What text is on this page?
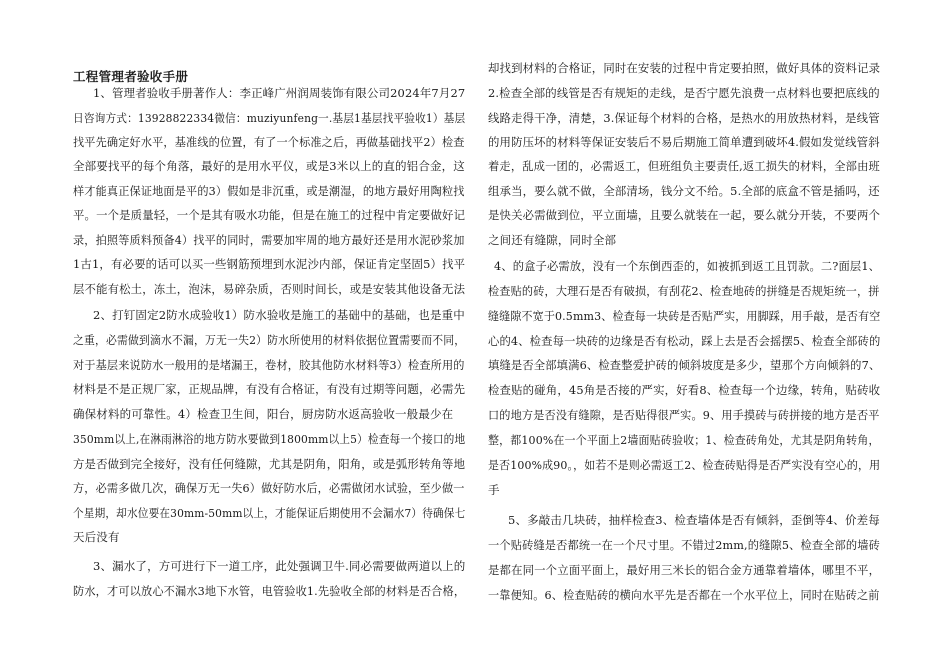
工程管理者验收手册
1、管理者验收手册著作人：李正峰广州润周装饰有限公司2024年7月27
日咨询方式：13928822334微信：muziyunfeng一.基层1基层找平验收1）基层
找平先确定好水平，基准线的位置，有了一个标准之后，再做基础找平2）检查
全部要找平的每个角落，最好的是用水平仪，或是3米以上的直的铝合金，这
样才能真正保证地面是平的3）假如是非沉重，或是潮湿，的地方最好用陶粒找
平。一个是质量轻，一个是其有吸水功能，但是在施工的过程中肯定要做好记
录，拍照等质料预备4）找平的同时，需要加牢周的地方最好还是用水泥砂浆加
1古1，有必要的话可以买一些钢筋预埋到水泥沙内部，保证肯定坚固5）找平
层不能有松土，冻土，泡沫，易碎杂质，否则时间长，或是安装其他设备无法
2、打钉固定2防水成验收1）防水验收是施工的基础中的基础，也是重中
之重，必需做到滴水不漏，万无一失2）防水所使用的材料依据位置需要而不同，
对于基层来说防水一般用的是堵漏王，卷材，胶其他防水材料等3）检查所用的
材料是不是正规厂家，正规品牌，有没有合格证，有没有过期等问题，必需先
确保材料的可靠性。4）检查卫生间，阳台，厨房防水返高验收一般最少在
350mm以上,在淋雨淋浴的地方防水要做到1800mm以上5）检查每一个接口的地
方是否做到完全接好，没有任何缝隙，尤其是阴角，阳角，或是弧形转角等地
方，必需多做几次，确保万无一失6）做好防水后，必需做闭水试验，至少做一
个星期，却水位要在30mm-50mm以上，才能保证后期使用不会漏水7）待确保七
天后没有
3、漏水了，方可进行下一道工序，此处强调卫牛.同必需要做两道以上的
防水，才可以放心不漏水3地下水管，电管验收1.先验收全部的材料是否合格，
却找到材料的合格证，同时在安装的过程中肯定要拍照，做好具体的资料记录
2.检查全部的线管是否有规矩的走线，是否宁愿先浪费一点材料也要把底线的
线路走得干净，清楚，3.保证每个材料的合格，是热水的用放热材料，是线管
的用防压坏的材料等保证安装后不易后期施工简单遭到破坏4.假如发觉线管斜
着走，乱成一团的，必需返工，但班组负主要责任,返工损失的材料，全部由班
组承当，要么就不做，全部清场，钱分文不给。5.全部的底盒不管是插吗，还
是快关必需做到位，平立面墙，且要么就装在一起，要么就分开装，不要两个
之间还有缝隙，同时全部
4、的盒子必需放，没有一个东倒西歪的，如被抓到返工且罚款。二?面层1、
检查贴的砖，大理石是否有破损，有刮花2、检查地砖的拼缝是否规矩统一，拼
缝缝隙不宽于0.5mm3、检查每一块砖是否贴严实，用脚踩，用手敲，是否有空
心的4、检查每一块砖的边缘是否有松动，踩上去是否会摇摆5、检查全部砖的
填缝是否全部填满6、检查整爱护砖的倾斜坡度是多少，望那个方向倾斜的7、
检查贴的碰角，45角是否接的严实，好看8、检查每一个边缘，转角，贴砖收
口的地方是否没有缝隙，是否贴得很严实。9、用手摸砖与砖拼接的地方是否平
整，都100%在一个平面上2墙面贴砖验收；1、检查砖角处，尤其是阴角转角，
是否100%成90。，如若不是则必需返工2、检查砖贴得是否严实没有空心的，用
手
5、多敲击几块砖，抽样检查3、检查墙体是否有倾斜，歪倒等4、价差每
一个贴砖缝是否都统一在一个尺寸里。不错过2mm,的缝隙5、检查全部的墙砖
是都在同一个立面平面上，最好用三米长的铝合金方通靠着墙体，哪里不平，
一靠便知。6、检查贴砖的横向水平先是否都在一个水平位上，同时在贴砖之前
